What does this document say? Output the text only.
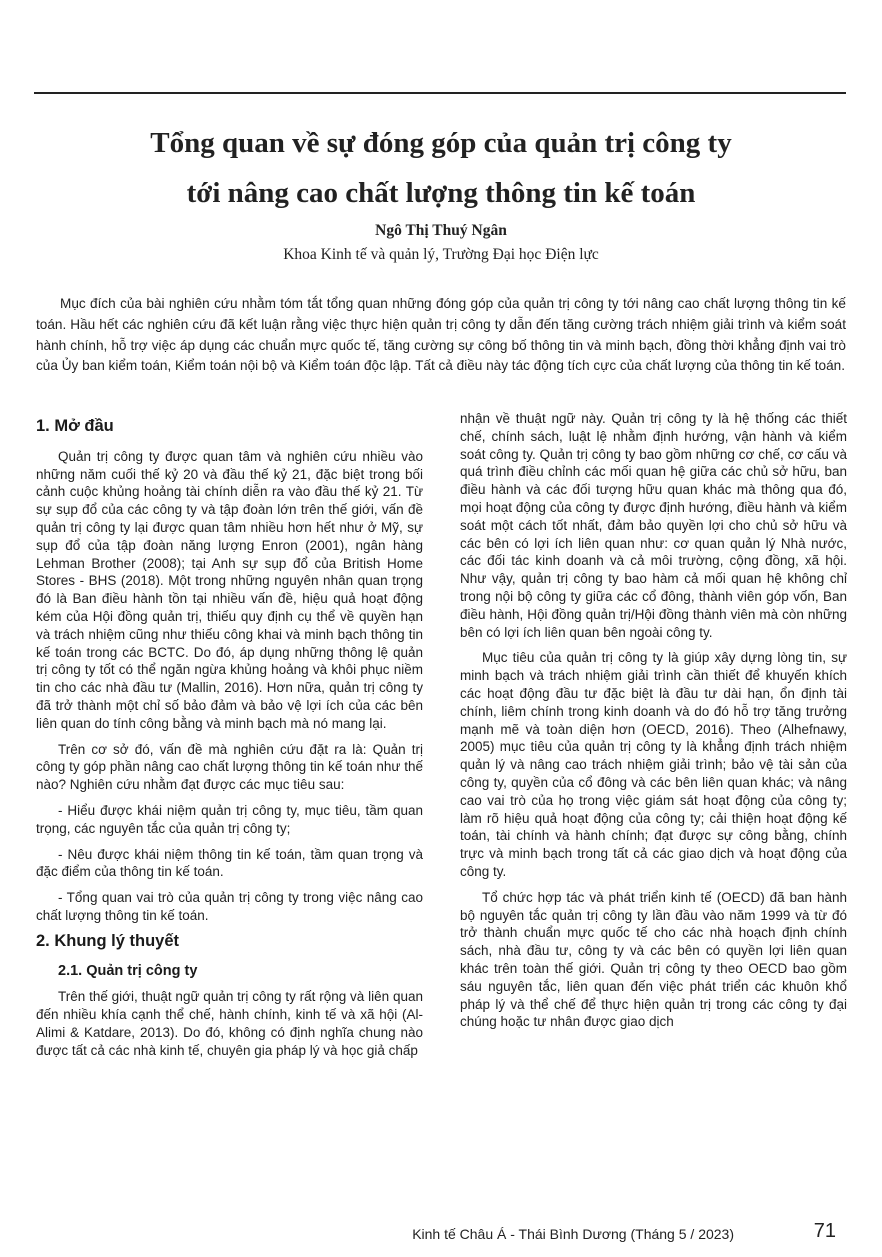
Tổng quan về sự đóng góp của quản trị công ty
tới nâng cao chất lượng thông tin kế toán
Ngô Thị Thuý Ngân
Khoa Kinh tế và quản lý, Trường Đại học Điện lực

Mục đích của bài nghiên cứu nhằm tóm tắt tổng quan những đóng góp của quản trị công ty tới nâng cao chất lượng thông tin kế toán. Hầu hết các nghiên cứu đã kết luận rằng việc thực hiện quản trị công ty dẫn đến tăng cường trách nhiệm giải trình và kiểm soát hành chính, hỗ trợ việc áp dụng các chuẩn mực quốc tế, tăng cường sự công bố thông tin và minh bạch, đồng thời khẳng định vai trò của Ủy ban kiểm toán, Kiểm toán nội bộ và Kiểm toán độc lập. Tất cả điều này tác động tích cực của chất lượng của thông tin kế toán.

1. Mở đầu

Quản trị công ty được quan tâm và nghiên cứu nhiều vào những năm cuối thế kỷ 20 và đầu thế kỷ 21, đặc biệt trong bối cảnh cuộc khủng hoảng tài chính diễn ra vào đầu thế kỷ 21. Từ sự sụp đổ của các công ty và tập đoàn lớn trên thế giới, vấn đề quản trị công ty lại được quan tâm nhiều hơn hết như ở Mỹ, sự sụp đổ của tập đoàn năng lượng Enron (2001), ngân hàng Lehman Brother (2008); tại Anh sự sụp đổ của British Home Stores - BHS (2018). Một trong những nguyên nhân quan trọng đó là Ban điều hành tồn tại nhiều vấn đề, hiệu quả hoạt động kém của Hội đồng quản trị, thiếu quy định cụ thể về quyền hạn và trách nhiệm cũng như thiếu công khai và minh bạch thông tin kế toán trong các BCTC. Do đó, áp dụng những thông lệ quản trị công ty tốt có thể ngăn ngừa khủng hoảng và khôi phục niềm tin cho các nhà đầu tư (Mallin, 2016). Hơn nữa, quản trị công ty đã trở thành một chỉ số bảo đảm và bảo vệ lợi ích của các bên liên quan do tính công bằng và minh bạch mà nó mang lại.

Trên cơ sở đó, vấn đề mà nghiên cứu đặt ra là: Quản trị công ty góp phần nâng cao chất lượng thông tin kế toán như thế nào? Nghiên cứu nhằm đạt được các mục tiêu sau:

- Hiểu được khái niệm quản trị công ty, mục tiêu, tầm quan trọng, các nguyên tắc của quản trị công ty;

- Nêu được khái niệm thông tin kế toán, tầm quan trọng và đặc điểm của thông tin kế toán.

- Tổng quan vai trò của quản trị công ty trong việc nâng cao chất lượng thông tin kế toán.

2. Khung lý thuyết
2.1. Quản trị công ty

Trên thế giới, thuật ngữ quản trị công ty rất rộng và liên quan đến nhiều khía cạnh thể chế, hành chính, kinh tế và xã hội (Al-Alimi & Katdare, 2013). Do đó, không có định nghĩa chung nào được tất cả các nhà kinh tế, chuyên gia pháp lý và học giả chấp

nhận về thuật ngữ này. Quản trị công ty là hệ thống các thiết chế, chính sách, luật lệ nhằm định hướng, vận hành và kiểm soát công ty. Quản trị công ty bao gồm những cơ chế, cơ cấu và quá trình điều chỉnh các mối quan hệ giữa các chủ sở hữu, ban điều hành và các đối tượng hữu quan khác mà thông qua đó, mọi hoạt động của công ty được định hướng, điều hành và kiểm soát một cách tốt nhất, đảm bảo quyền lợi cho chủ sở hữu và các bên có lợi ích liên quan như: cơ quan quản lý Nhà nước, các đối tác kinh doanh và cả môi trường, cộng đồng, xã hội. Như vậy, quản trị công ty bao hàm cả mối quan hệ không chỉ trong nội bộ công ty giữa các cổ đông, thành viên góp vốn, Ban điều hành, Hội đồng quản trị/Hội đồng thành viên mà còn những bên có lợi ích liên quan bên ngoài công ty.

Mục tiêu của quản trị công ty là giúp xây dựng lòng tin, sự minh bạch và trách nhiệm giải trình cần thiết để khuyến khích các hoạt động đầu tư đặc biệt là đầu tư dài hạn, ổn định tài chính, liêm chính trong kinh doanh và do đó hỗ trợ tăng trưởng mạnh mẽ và toàn diện hơn (OECD, 2016). Theo (Alhefnawy, 2005) mục tiêu của quản trị công ty là khẳng định trách nhiệm quản lý và nâng cao trách nhiệm giải trình; bảo vệ tài sản của công ty, quyền của cổ đông và các bên liên quan khác; và nâng cao vai trò của họ trong việc giám sát hoạt động của công ty; làm rõ hiệu quả hoạt động của công ty; cải thiện hoạt động kế toán, tài chính và hành chính; đạt được sự công bằng, chính trực và minh bạch trong tất cả các giao dịch và hoạt động của công ty.

Tổ chức hợp tác và phát triển kinh tế (OECD) đã ban hành bộ nguyên tắc quản trị công ty lần đầu vào năm 1999 và từ đó trở thành chuẩn mực quốc tế cho các nhà hoạch định chính sách, nhà đầu tư, công ty và các bên có quyền lợi liên quan khác trên toàn thế giới. Quản trị công ty theo OECD bao gồm sáu nguyên tắc, liên quan đến việc phát triển các khuôn khổ pháp lý và thể chế để thực hiện quản trị trong các công ty đại chúng hoặc tư nhân được giao dịch

Kinh tế Châu Á - Thái Bình Dương (Tháng 5 / 2023)	71
